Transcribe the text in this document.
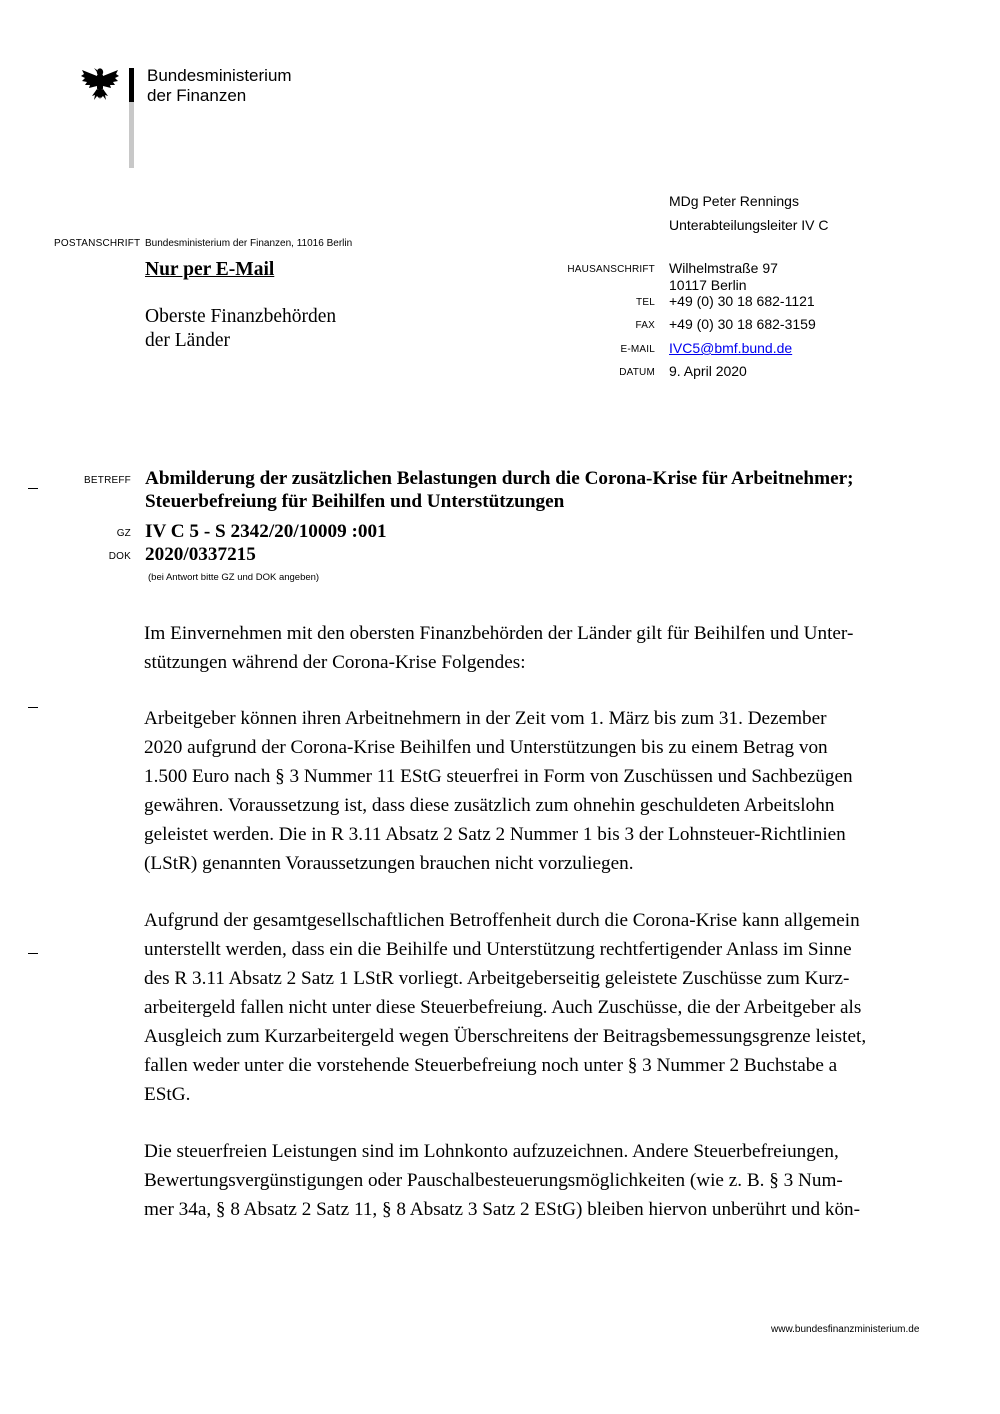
Bundesministerium
der Finanzen
MDg Peter Rennings
Unterabteilungsleiter IV C
POSTANSCHRIFT Bundesministerium der Finanzen, 11016 Berlin
Nur per E-Mail
Oberste Finanzbehörden
der Länder
HAUSANSCHRIFT Wilhelmstraße 97
10117 Berlin
TEL +49 (0) 30 18 682-1121
FAX +49 (0) 30 18 682-3159
E-MAIL IVC5@bmf.bund.de
DATUM 9. April 2020
BETREFF Abmilderung der zusätzlichen Belastungen durch die Corona-Krise für Arbeitnehmer;
Steuerbefreiung für Beihilfen und Unterstützungen
GZ IV C 5 - S 2342/20/10009 :001
DOK 2020/0337215
(bei Antwort bitte GZ und DOK angeben)
Im Einvernehmen mit den obersten Finanzbehörden der Länder gilt für Beihilfen und Unter-
stützungen während der Corona-Krise Folgendes:
Arbeitgeber können ihren Arbeitnehmern in der Zeit vom 1. März bis zum 31. Dezember
2020 aufgrund der Corona-Krise Beihilfen und Unterstützungen bis zu einem Betrag von
1.500 Euro nach § 3 Nummer 11 EStG steuerfrei in Form von Zuschüssen und Sachbezügen
gewähren. Voraussetzung ist, dass diese zusätzlich zum ohnehin geschuldeten Arbeitslohn
geleistet werden. Die in R 3.11 Absatz 2 Satz 2 Nummer 1 bis 3 der Lohnsteuer-Richtlinien
(LStR) genannten Voraussetzungen brauchen nicht vorzuliegen.
Aufgrund der gesamtgesellschaftlichen Betroffenheit durch die Corona-Krise kann allgemein
unterstellt werden, dass ein die Beihilfe und Unterstützung rechtfertigender Anlass im Sinne
des R 3.11 Absatz 2 Satz 1 LStR vorliegt. Arbeitgeberseitig geleistete Zuschüsse zum Kurz-
arbeitergeld fallen nicht unter diese Steuerbefreiung. Auch Zuschüsse, die der Arbeitgeber als
Ausgleich zum Kurzarbeitergeld wegen Überschreitens der Beitragsbemessungsgrenze leistet,
fallen weder unter die vorstehende Steuerbefreiung noch unter § 3 Nummer 2 Buchstabe a
EStG.
Die steuerfreien Leistungen sind im Lohnkonto aufzuzeichnen. Andere Steuerbefreiungen,
Bewertungsvergünstigungen oder Pauschalbesteuerungsmöglichkeiten (wie z. B. § 3 Num-
mer 34a, § 8 Absatz 2 Satz 11, § 8 Absatz 3 Satz 2 EStG) bleiben hiervon unberührt und kön-
www.bundesfinanzministerium.de
